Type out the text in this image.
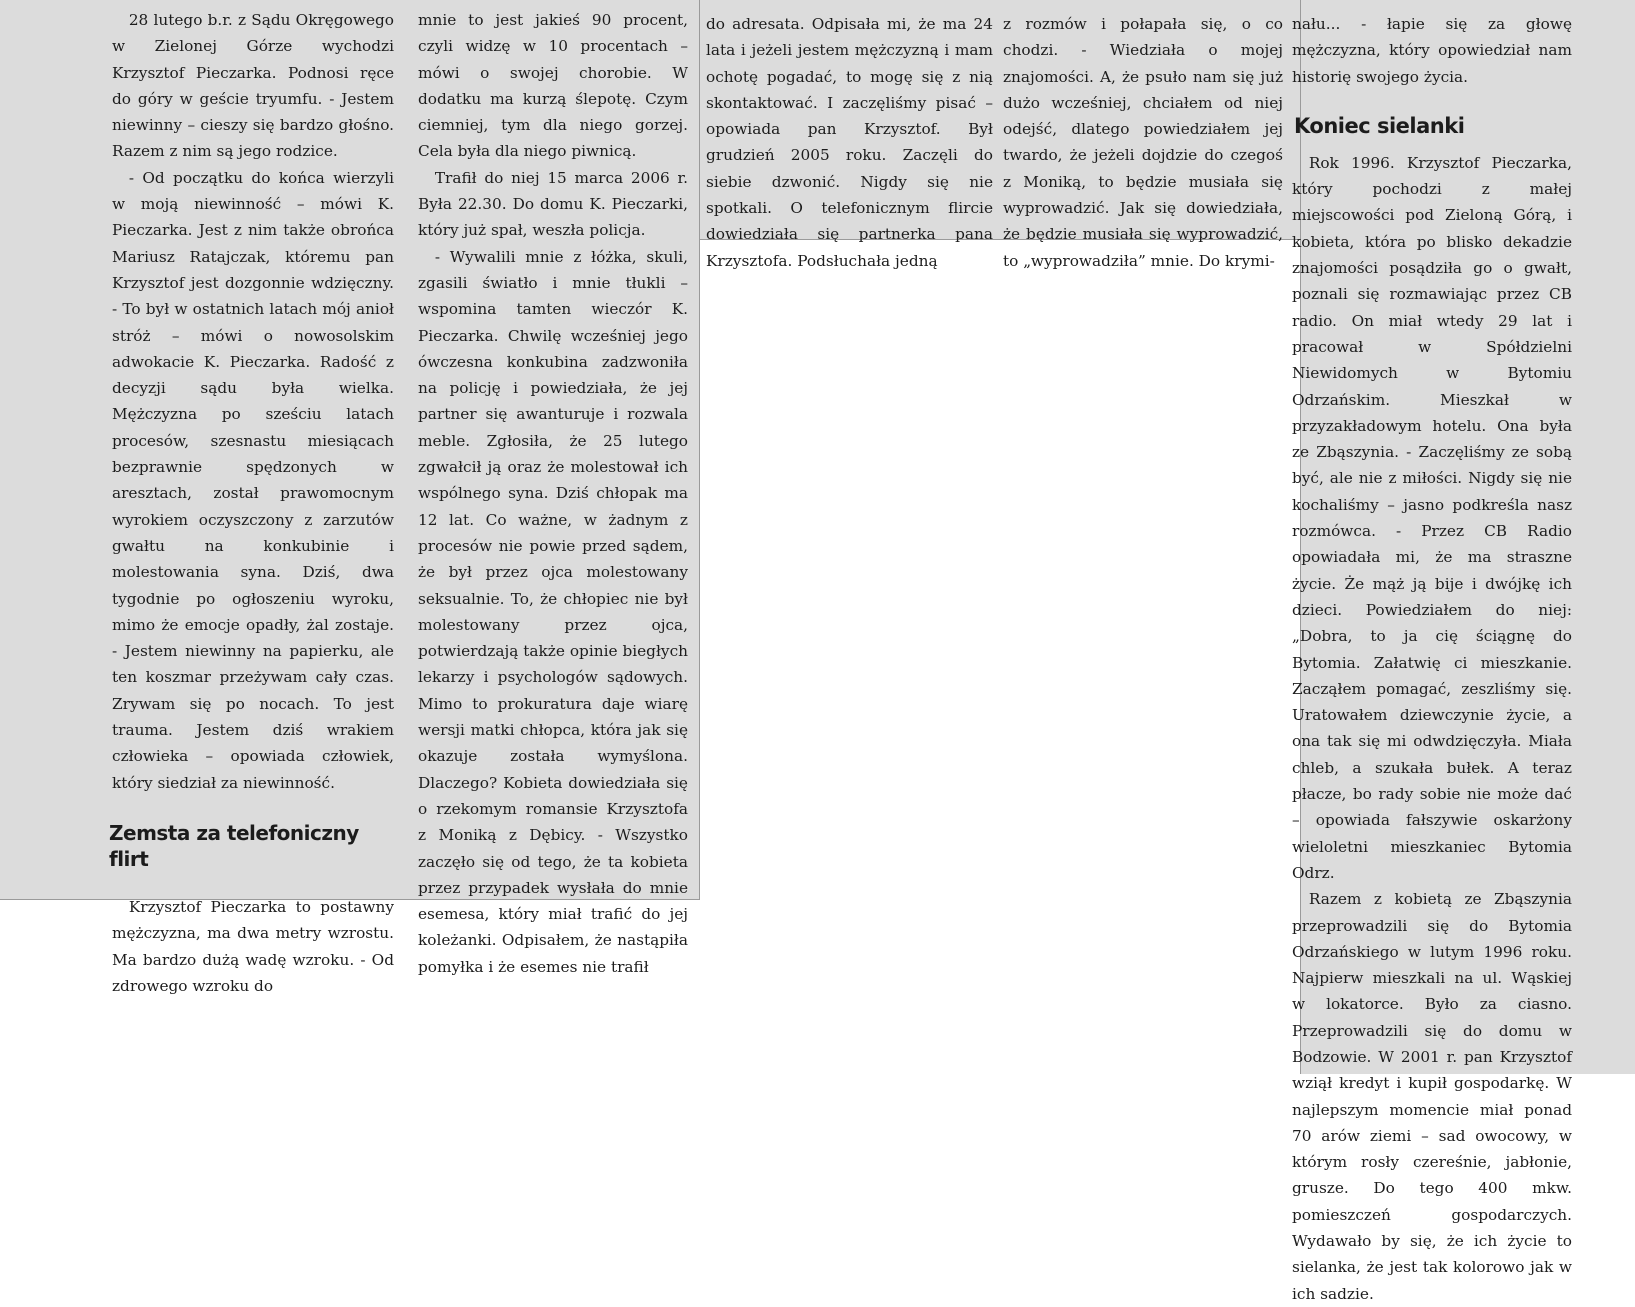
28 lutego b.r. z Sądu Okręgowego w Zielonej Górze wychodzi Krzysztof Pieczarka. Podnosi ręce do góry w geście tryumfu. - Jestem niewinny – cieszy się bardzo głośno. Razem z nim są jego rodzice.

- Od początku do końca wierzyli w moją niewinność – mówi K. Pieczarka. Jest z nim także obrońca Mariusz Ratajczak, któremu pan Krzysztof jest dozgonnie wdzięczny. - To był w ostatnich latach mój anioł stróż – mówi o nowosolskim adwokacie K. Pieczarka. Radość z decyzji sądu była wielka. Mężczyzna po sześciu latach procesów, szesnastu miesiącach bezprawnie spędzonych w aresztach, został prawomocnym wyrokiem oczyszczony z zarzutów gwałtu na konkubinie i molestowania syna. Dziś, dwa tygodnie po ogłoszeniu wyroku, mimo że emocje opadły, żal zostaje. - Jestem niewinny na papierku, ale ten koszmar przeżywam cały czas. Zrywam się po nocach. To jest trauma. Jestem dziś wrakiem człowieka – opowiada człowiek, który siedział za niewinność.

Zemsta za telefoniczny flirt

Krzysztof Pieczarka to postawny mężczyzna, ma dwa metry wzrostu. Ma bardzo dużą wadę wzroku. - Od zdrowego wzroku do

mnie to jest jakieś 90 procent, czyli widzę w 10 procentach – mówi o swojej chorobie. W dodatku ma kurzą ślepotę. Czym ciemniej, tym dla niego gorzej. Cela była dla niego piwnicą.

Trafił do niej 15 marca 2006 r. Była 22.30. Do domu K. Pieczarki, który już spał, weszła policja.

- Wywalili mnie z łóżka, skuli, zgasili światło i mnie tłukli – wspomina tamten wieczór K. Pieczarka. Chwilę wcześniej jego ówczesna konkubina zadzwoniła na policję i powiedziała, że jej partner się awanturuje i rozwala meble. Zgłosiła, że 25 lutego zgwałcił ją oraz że molestował ich wspólnego syna. Dziś chłopak ma 12 lat. Co ważne, w żadnym z procesów nie powie przed sądem, że był przez ojca molestowany seksualnie. To, że chłopiec nie był molestowany przez ojca, potwierdzają także opinie biegłych lekarzy i psychologów sądowych. Mimo to prokuratura daje wiarę wersji matki chłopca, która jak się okazuje została wymyślona. Dlaczego? Kobieta dowiedziała się o rzekomym romansie Krzysztofa z Moniką z Dębicy. - Wszystko zaczęło się od tego, że ta kobieta przez przypadek wysłała do mnie esemesa, który miał trafić do jej koleżanki. Odpisałem, że nastąpiła pomyłka i że esemes nie trafił

do adresata. Odpisała mi, że ma 24 lata i jeżeli jestem mężczyzną i mam ochotę pogadać, to mogę się z nią skontaktować. I zaczęliśmy pisać – opowiada pan Krzysztof. Był grudzień 2005 roku. Zaczęli do siebie dzwonić. Nigdy się nie spotkali. O telefonicznym flircie dowiedziała się partnerka pana Krzysztofa. Podsłuchała jedną

z rozmów i połapała się, o co chodzi. - Wiedziała o mojej znajomości. A, że psuło nam się już dużo wcześniej, chciałem od niej odejść, dlatego powiedziałem jej twardo, że jeżeli dojdzie do czegoś z Moniką, to będzie musiała się wyprowadzić. Jak się dowiedziała, że będzie musiała się wyprowadzić, to „wyprowadziła” mnie. Do krymi-

nału... - łapie się za głowę mężczyzna, który opowiedział nam historię swojego życia.

Koniec sielanki

Rok 1996. Krzysztof Pieczarka, który pochodzi z małej miejscowości pod Zieloną Górą, i kobieta, która po blisko dekadzie znajomości posądziła go o gwałt, poznali się rozmawiając przez CB radio. On miał wtedy 29 lat i pracował w Spółdzielni Niewidomych w Bytomiu Odrzańskim. Mieszkał w przyzakładowym hotelu. Ona była ze Zbąszynia. - Zaczęliśmy ze sobą być, ale nie z miłości. Nigdy się nie kochaliśmy – jasno podkreśla nasz rozmówca. - Przez CB Radio opowiadała mi, że ma straszne życie. Że mąż ją bije i dwójkę ich dzieci. Powiedziałem do niej: „Dobra, to ja cię ściągnę do Bytomia. Załatwię ci mieszkanie. Zacząłem pomagać, zeszliśmy się. Uratowałem dziewczynie życie, a ona tak się mi odwdzięczyła. Miała chleb, a szukała bułek. A teraz płacze, bo rady sobie nie może dać – opowiada fałszywie oskarżony wieloletni mieszkaniec Bytomia Odrz.

Razem z kobietą ze Zbąszynia przeprowadzili się do Bytomia Odrzańskiego w lutym 1996 roku. Najpierw mieszkali na ul. Wąskiej w lokatorce. Było za ciasno. Przeprowadzili się do domu w Bodzowie. W 2001 r. pan Krzysztof wziął kredyt i kupił gospodarkę. W najlepszym momencie miał ponad 70 arów ziemi – sad owocowy, w którym rosły czereśnie, jabłonie, grusze. Do tego 400 mkw. pomieszczeń gospodarczych. Wydawało by się, że ich życie to sielanka, że jest tak kolorowo jak w ich sadzie.
